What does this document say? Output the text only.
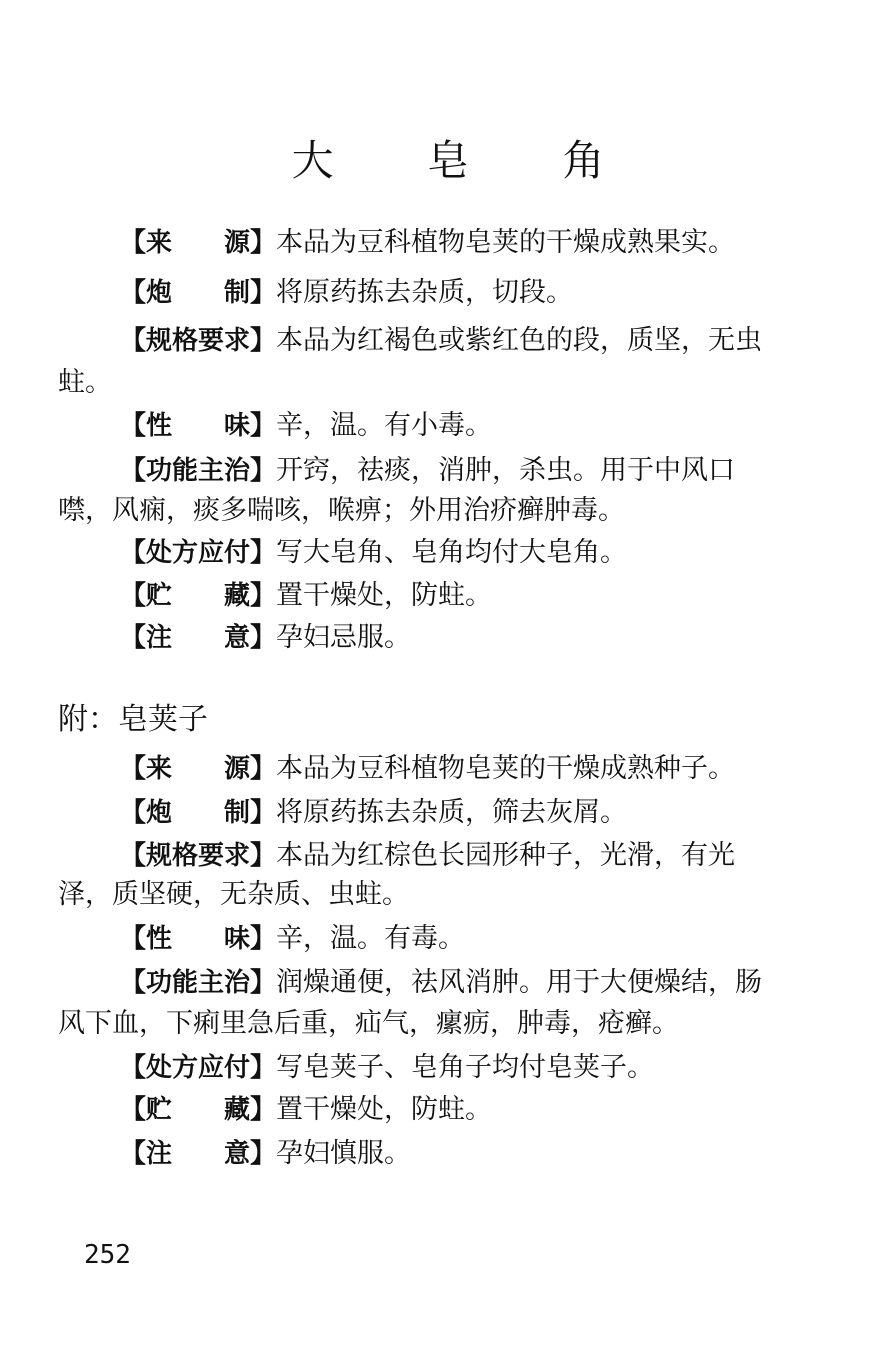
大 皂 角
【来　　源】本品为豆科植物皂荚的干燥成熟果实。
【炮　　制】将原药拣去杂质，切段。
【规格要求】本品为红褐色或紫红色的段，质坚，无虫
蛀。
【性　　味】辛，温。有小毒。
【功能主治】开窍，祛痰，消肿，杀虫。用于中风口
噤，风痫，痰多喘咳，喉痹；外用治疥癣肿毒。
【处方应付】写大皂角、皂角均付大皂角。
【贮　　藏】置干燥处，防蛀。
【注　　意】孕妇忌服。
附：皂荚子
【来　　源】本品为豆科植物皂荚的干燥成熟种子。
【炮　　制】将原药拣去杂质，筛去灰屑。
【规格要求】本品为红棕色长园形种子，光滑，有光
泽，质坚硬，无杂质、虫蛀。
【性　　味】辛，温。有毒。
【功能主治】润燥通便，祛风消肿。用于大便燥结，肠
风下血，下痢里急后重，疝气，瘰疬，肿毒，疮癣。
【处方应付】写皂荚子、皂角子均付皂荚子。
【贮　　藏】置干燥处，防蛀。
【注　　意】孕妇慎服。
252
